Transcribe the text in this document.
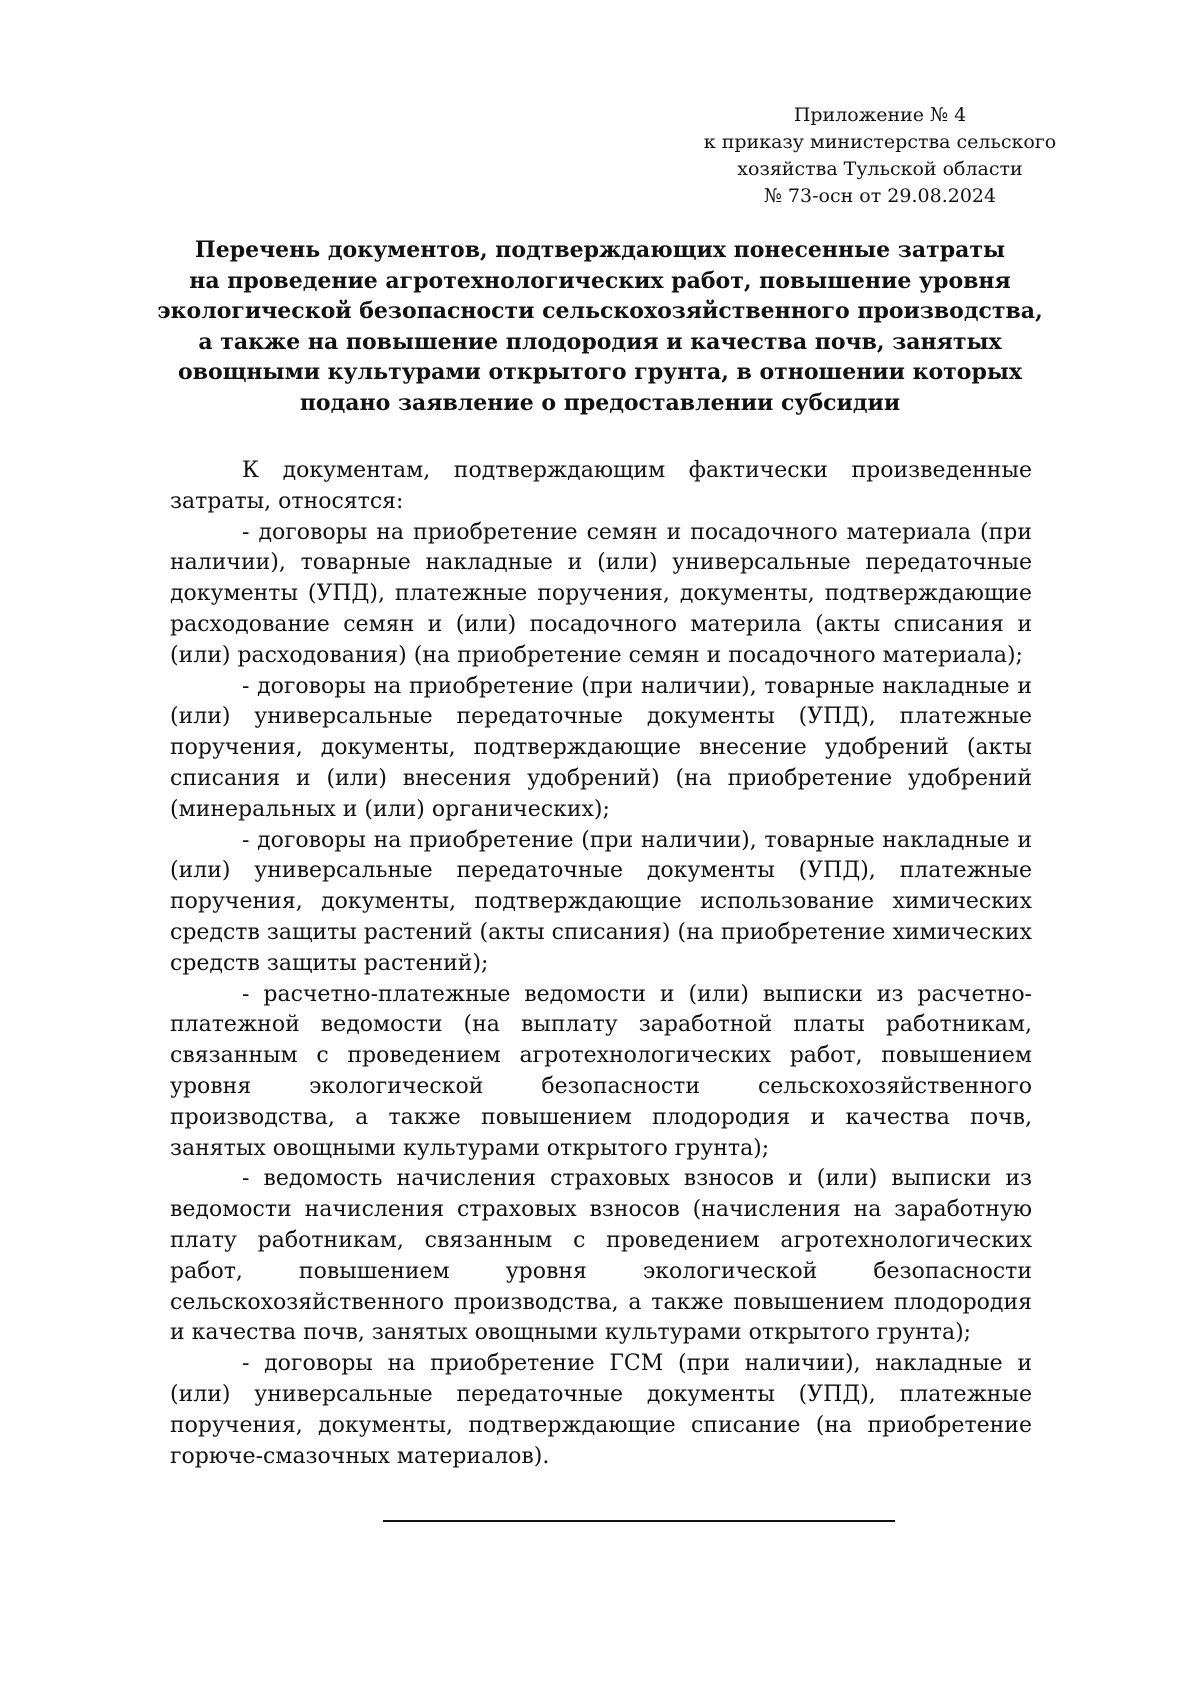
Приложение № 4
к приказу министерства сельского
хозяйства Тульской области
№ 73-осн от 29.08.2024
Перечень документов, подтверждающих понесенные затраты
на проведение агротехнологических работ, повышение уровня
экологической безопасности сельскохозяйственного производства,
а также на повышение плодородия и качества почв, занятых
овощными культурами открытого грунта, в отношении которых
подано заявление о предоставлении субсидии

К документам, подтверждающим фактически произведенные затраты, относятся:

- договоры на приобретение семян и посадочного материала (при наличии), товарные накладные и (или) универсальные передаточные документы (УПД), платежные поручения, документы, подтверждающие расходование семян и (или) посадочного материла (акты списания и (или) расходования) (на приобретение семян и посадочного материала);

- договоры на приобретение (при наличии), товарные накладные и (или) универсальные передаточные документы (УПД), платежные поручения, документы, подтверждающие внесение удобрений (акты списания и (или) внесения удобрений) (на приобретение удобрений (минеральных и (или) органических);

- договоры на приобретение (при наличии), товарные накладные и (или) универсальные передаточные документы (УПД), платежные поручения, документы, подтверждающие использование химических средств защиты растений (акты списания) (на приобретение химических средств защиты растений);

- расчетно-платежные ведомости и (или) выписки из расчетно-платежной ведомости (на выплату заработной платы работникам, связанным с проведением агротехнологических работ, повышением уровня экологической безопасности сельскохозяйственного производства, а также повышением плодородия и качества почв, занятых овощными культурами открытого грунта);

- ведомость начисления страховых взносов и (или) выписки из ведомости начисления страховых взносов (начисления на заработную плату работникам, связанным с проведением агротехнологических работ, повышением уровня экологической безопасности сельскохозяйственного производства, а также повышением плодородия и качества почв, занятых овощными культурами открытого грунта);

- договоры на приобретение ГСМ (при наличии), накладные и (или) универсальные передаточные документы (УПД), платежные поручения, документы, подтверждающие списание (на приобретение горюче-смазочных материалов).
